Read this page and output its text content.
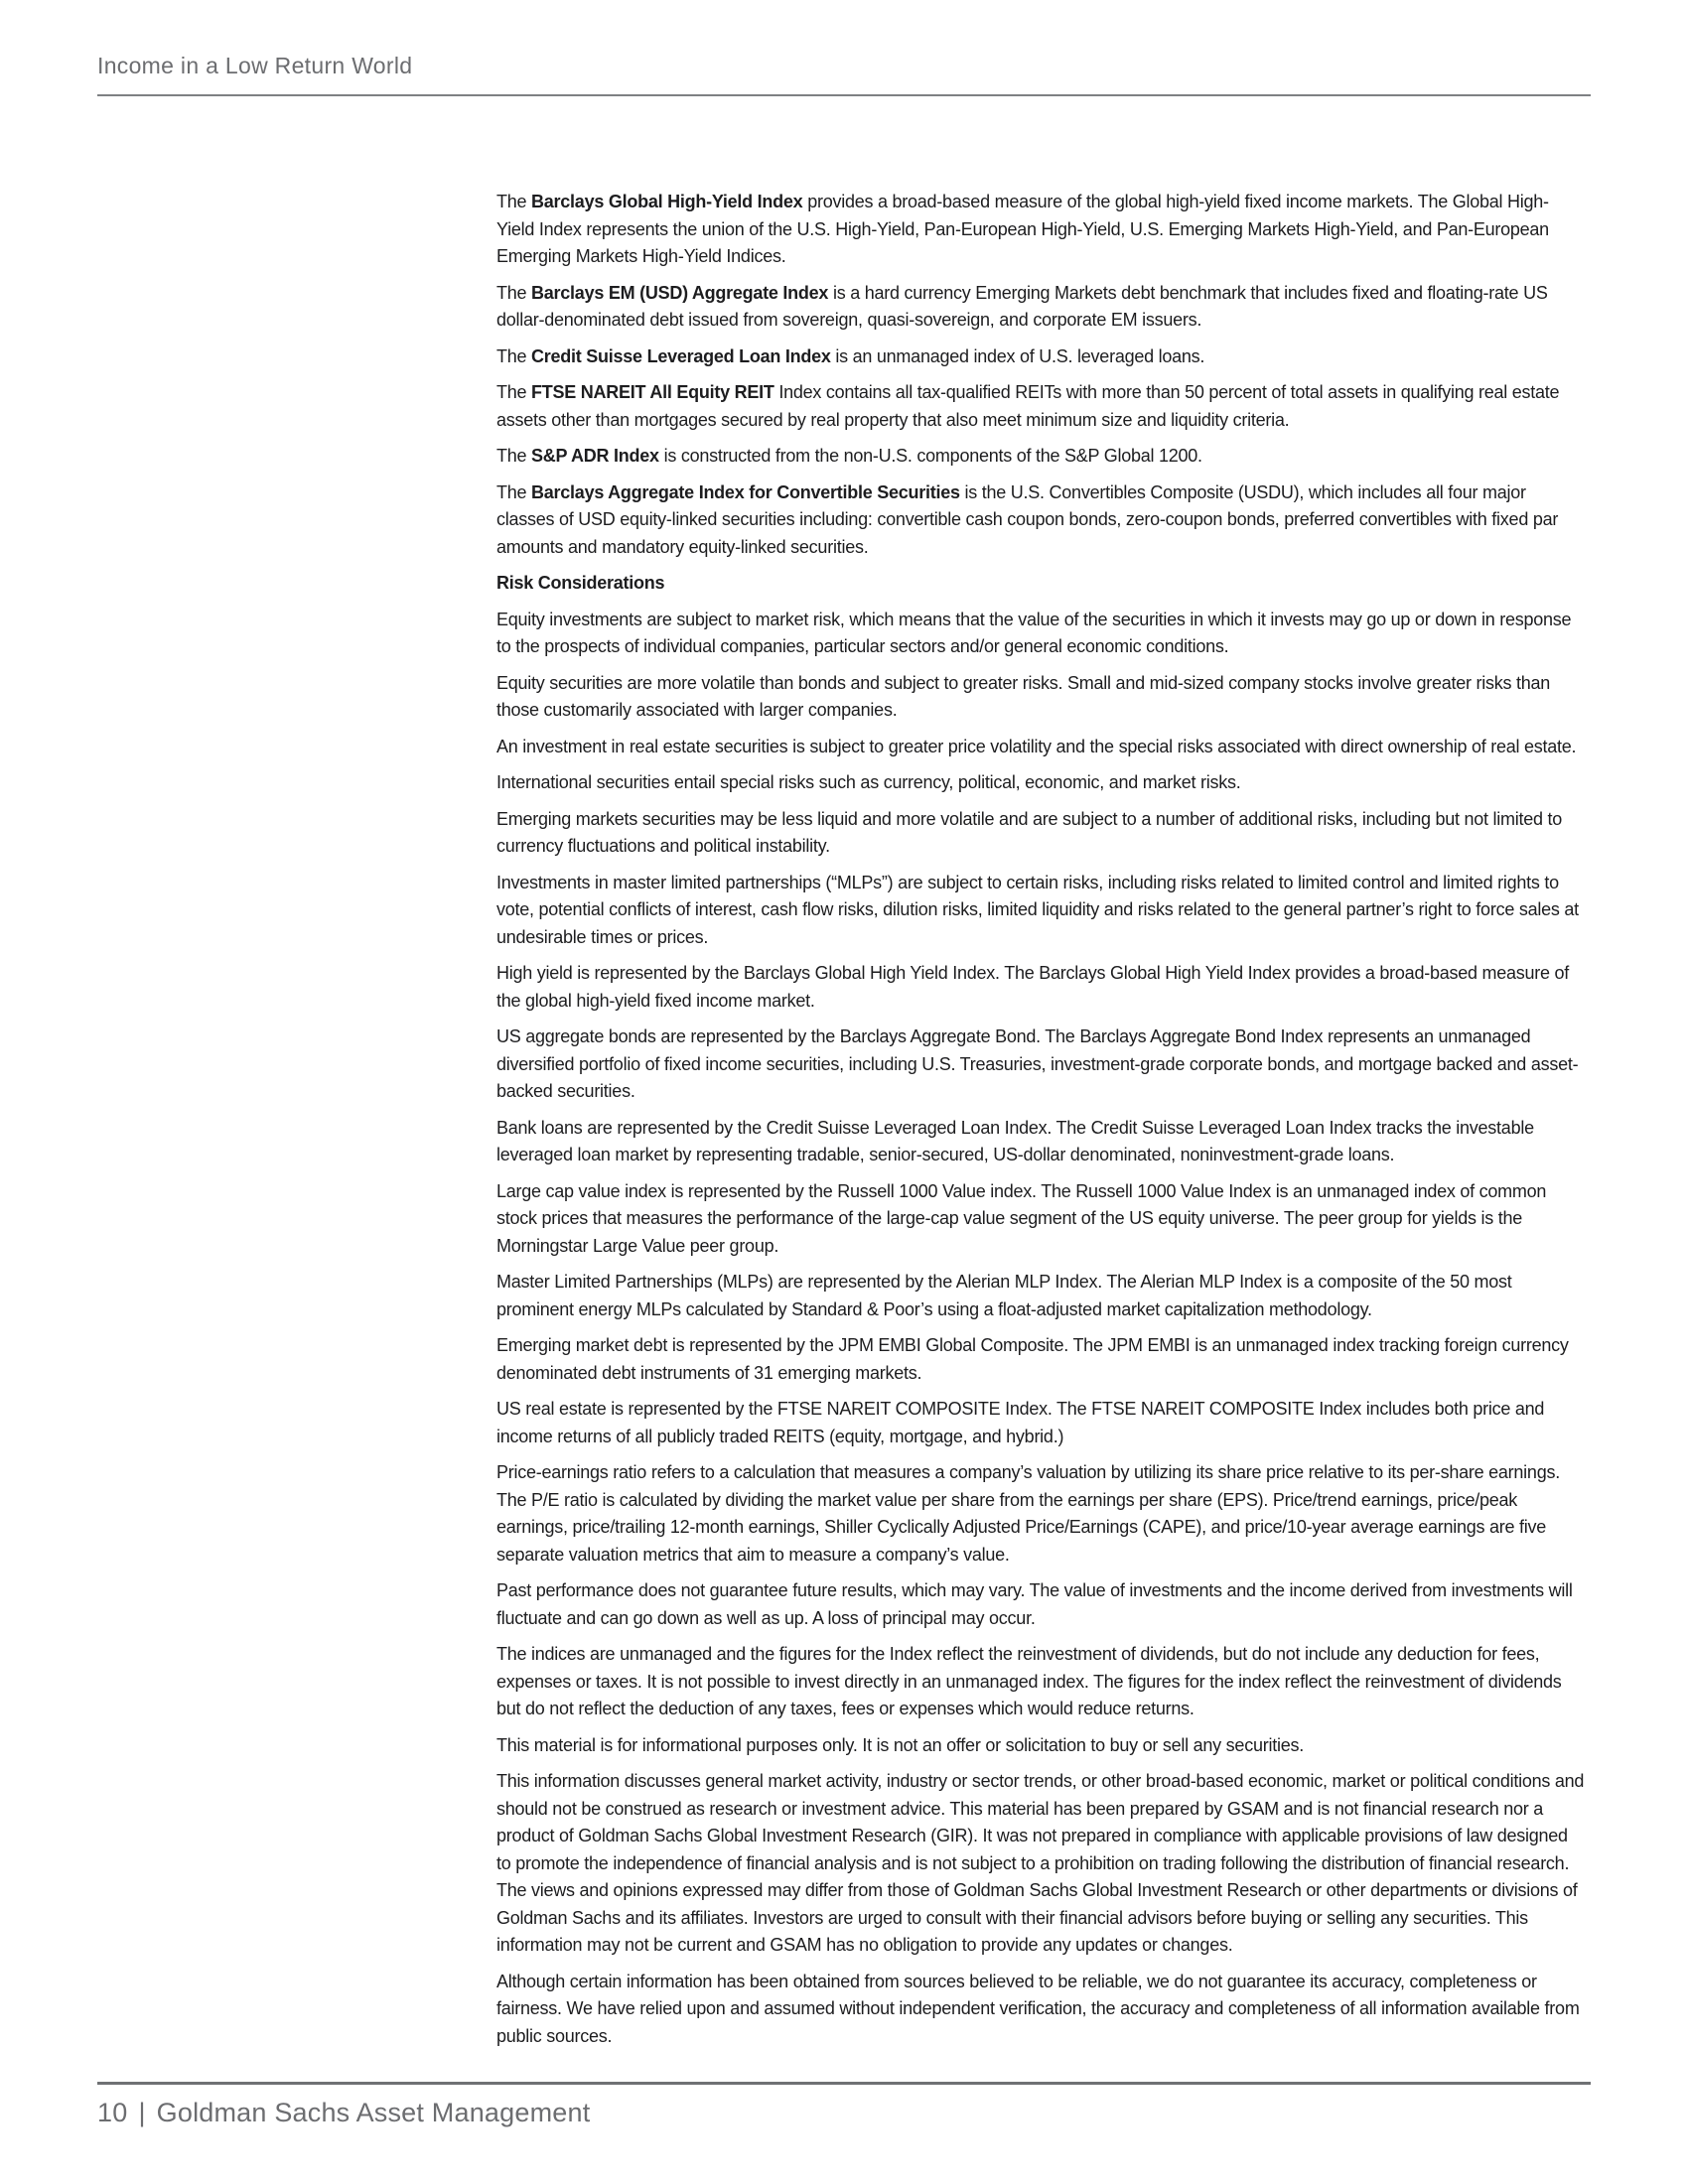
Income in a Low Return World

The Barclays Global High-Yield Index provides a broad-based measure of the global high-yield fixed income markets. The Global High-Yield Index represents the union of the U.S. High-Yield, Pan-European High-Yield, U.S. Emerging Markets High-Yield, and Pan-European Emerging Markets High-Yield Indices.

The Barclays EM (USD) Aggregate Index is a hard currency Emerging Markets debt benchmark that includes fixed and floating-rate US dollar-denominated debt issued from sovereign, quasi-sovereign, and corporate EM issuers.

The Credit Suisse Leveraged Loan Index is an unmanaged index of U.S. leveraged loans.

The FTSE NAREIT All Equity REIT Index contains all tax-qualified REITs with more than 50 percent of total assets in qualifying real estate assets other than mortgages secured by real property that also meet minimum size and liquidity criteria.

The S&P ADR Index is constructed from the non-U.S. components of the S&P Global 1200.

The Barclays Aggregate Index for Convertible Securities is the U.S. Convertibles Composite (USDU), which includes all four major classes of USD equity-linked securities including: convertible cash coupon bonds, zero-coupon bonds, preferred convertibles with fixed par amounts and mandatory equity-linked securities.

Risk Considerations

Equity investments are subject to market risk, which means that the value of the securities in which it invests may go up or down in response to the prospects of individual companies, particular sectors and/or general economic conditions.

Equity securities are more volatile than bonds and subject to greater risks. Small and mid-sized company stocks involve greater risks than those customarily associated with larger companies.

An investment in real estate securities is subject to greater price volatility and the special risks associated with direct ownership of real estate.

International securities entail special risks such as currency, political, economic, and market risks.

Emerging markets securities may be less liquid and more volatile and are subject to a number of additional risks, including but not limited to currency fluctuations and political instability.

Investments in master limited partnerships (“MLPs”) are subject to certain risks, including risks related to limited control and limited rights to vote, potential conflicts of interest, cash flow risks, dilution risks, limited liquidity and risks related to the general partner’s right to force sales at undesirable times or prices.

High yield is represented by the Barclays Global High Yield Index. The Barclays Global High Yield Index provides a broad-based measure of the global high-yield fixed income market.

US aggregate bonds are represented by the Barclays Aggregate Bond. The Barclays Aggregate Bond Index represents an unmanaged diversified portfolio of fixed income securities, including U.S. Treasuries, investment-grade corporate bonds, and mortgage backed and asset-backed securities.

Bank loans are represented by the Credit Suisse Leveraged Loan Index. The Credit Suisse Leveraged Loan Index tracks the investable leveraged loan market by representing tradable, senior-secured, US-dollar denominated, noninvestment-grade loans.

Large cap value index is represented by the Russell 1000 Value index. The Russell 1000 Value Index is an unmanaged index of common stock prices that measures the performance of the large-cap value segment of the US equity universe. The peer group for yields is the Morningstar Large Value peer group.

Master Limited Partnerships (MLPs) are represented by the Alerian MLP Index. The Alerian MLP Index is a composite of the 50 most prominent energy MLPs calculated by Standard & Poor’s using a float-adjusted market capitalization methodology.

Emerging market debt is represented by the JPM EMBI Global Composite. The JPM EMBI is an unmanaged index tracking foreign currency denominated debt instruments of 31 emerging markets.

US real estate is represented by the FTSE NAREIT COMPOSITE Index. The FTSE NAREIT COMPOSITE Index includes both price and income returns of all publicly traded REITS (equity, mortgage, and hybrid.)

Price-earnings ratio refers to a calculation that measures a company’s valuation by utilizing its share price relative to its per-share earnings. The P/E ratio is calculated by dividing the market value per share from the earnings per share (EPS). Price/trend earnings, price/peak earnings, price/trailing 12-month earnings, Shiller Cyclically Adjusted Price/Earnings (CAPE), and price/10-year average earnings are five separate valuation metrics that aim to measure a company’s value.

Past performance does not guarantee future results, which may vary. The value of investments and the income derived from investments will fluctuate and can go down as well as up. A loss of principal may occur.

The indices are unmanaged and the figures for the Index reflect the reinvestment of dividends, but do not include any deduction for fees, expenses or taxes. It is not possible to invest directly in an unmanaged index. The figures for the index reflect the reinvestment of dividends but do not reflect the deduction of any taxes, fees or expenses which would reduce returns.

This material is for informational purposes only. It is not an offer or solicitation to buy or sell any securities.

This information discusses general market activity, industry or sector trends, or other broad-based economic, market or political conditions and should not be construed as research or investment advice. This material has been prepared by GSAM and is not financial research nor a product of Goldman Sachs Global Investment Research (GIR). It was not prepared in compliance with applicable provisions of law designed to promote the independence of financial analysis and is not subject to a prohibition on trading following the distribution of financial research. The views and opinions expressed may differ from those of Goldman Sachs Global Investment Research or other departments or divisions of Goldman Sachs and its affiliates. Investors are urged to consult with their financial advisors before buying or selling any securities. This information may not be current and GSAM has no obligation to provide any updates or changes.

Although certain information has been obtained from sources believed to be reliable, we do not guarantee its accuracy, completeness or fairness. We have relied upon and assumed without independent verification, the accuracy and completeness of all information available from public sources.

10 | Goldman Sachs Asset Management
